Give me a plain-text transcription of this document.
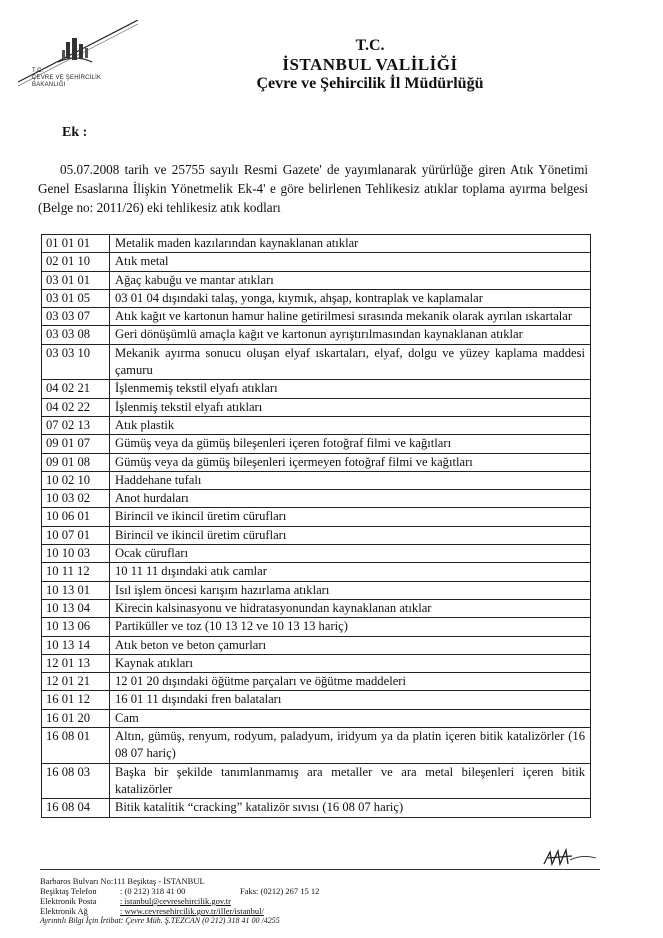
T.C.
ÇEVRE VE ŞEHİRCİLİK
BAKANLIĞI
T.C.
İSTANBUL VALİLİĞİ
Çevre ve Şehircilik İl Müdürlüğü
Ek :
05.07.2008 tarih ve 25755 sayılı Resmi Gazete' de yayımlanarak yürürlüğe giren Atık Yönetimi Genel Esaslarına İlişkin Yönetmelik Ek-4' e göre belirlenen Tehlikesiz atıklar toplama ayırma belgesi (Belge no: 2011/26) eki tehlikesiz atık kodları
01 01 01	Metalik maden kazılarından kaynaklanan atıklar
02 01 10	Atık metal
03 01 01	Ağaç kabuğu ve mantar atıkları
03 01 05	03 01 04 dışındaki talaş, yonga, kıymık, ahşap, kontraplak ve kaplamalar
03 03 07	Atık kağıt ve kartonun hamur haline getirilmesi sırasında mekanik olarak ayrılan ıskartalar
03 03 08	Geri dönüşümlü amaçla kağıt ve kartonun ayrıştırılmasından kaynaklanan atıklar
03 03 10	Mekanik ayırma sonucu oluşan elyaf ıskartaları, elyaf, dolgu ve yüzey kaplama maddesi çamuru
04 02 21	İşlenmemiş tekstil elyafı atıkları
04 02 22	İşlenmiş tekstil elyafı atıkları
07 02 13	Atık plastik
09 01 07	Gümüş veya da gümüş bileşenleri içeren fotoğraf filmi ve kağıtları
09 01 08	Gümüş veya da gümüş bileşenleri içermeyen fotoğraf filmi ve kağıtları
10 02 10	Haddehane tufalı
10 03 02	Anot hurdaları
10 06 01	Birincil ve ikincil üretim cürufları
10 07 01	Birincil ve ikincil üretim cürufları
10 10 03	Ocak cürufları
10 11 12	10 11 11 dışındaki atık camlar
10 13 01	Isıl işlem öncesi karışım hazırlama atıkları
10 13 04	Kirecin kalsinasyonu ve hidratasyonundan kaynaklanan atıklar
10 13 06	Partiküller ve toz (10 13 12 ve 10 13 13 hariç)
10 13 14	Atık beton ve beton çamurları
12 01 13	Kaynak atıkları
12 01 21	12 01 20 dışındaki öğütme parçaları ve öğütme maddeleri
16 01 12	16 01 11 dışındaki fren balataları
16 01 20	Cam
16 08 01	Altın, gümüş, renyum, rodyum, paladyum, iridyum ya da platin içeren bitik katalizörler (16 08 07 hariç)
16 08 03	Başka bir şekilde tanımlanmamış ara metaller ve ara metal bileşenleri içeren bitik katalizörler
16 08 04	Bitik katalitik “cracking” katalizör sıvısı (16 08 07 hariç)
Barbaros Bulvarı No:111 Beşiktaş - İSTANBUL
Beşiktaş Telefon	: (0 212) 318 41 00	Faks: (0212) 267 15 12
Elektronik Posta	: istanbul@cevresehircilik.gov.tr
Elektronik Ağ	: www.cevresehircilik.gov.tr/iller/istanbul/
Ayrıntılı Bilgi İçin İrtibat: Çevre Müh. Ş.TEZCAN (0 212) 318 41 00 /4255
